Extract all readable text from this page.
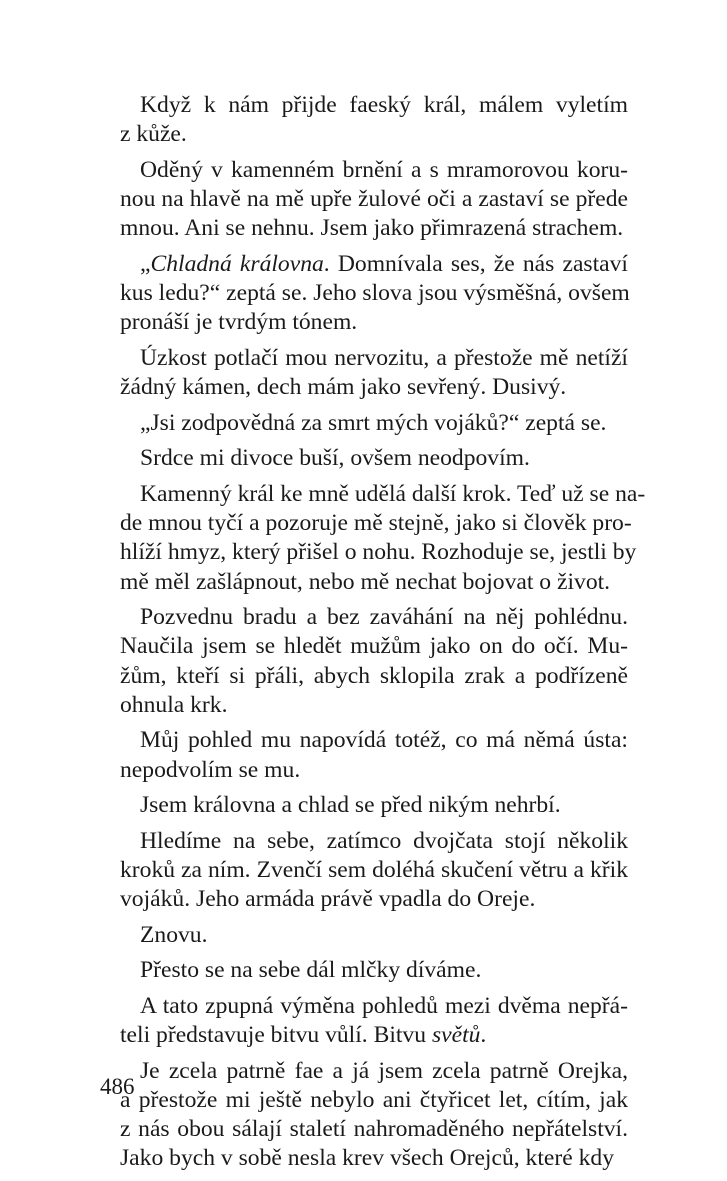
Když k nám přijde faeský král, málem vyletím
z kůže.
Oděný v kamenném brnění a s mramorovou koru-
nou na hlavě na mě upře žulové oči a zastaví se přede
mnou. Ani se nehnu. Jsem jako přimrazená strachem.
„Chladná královna. Domnívala ses, že nás zastaví
kus ledu?“ zeptá se. Jeho slova jsou výsměšná, ovšem
pronáší je tvrdým tónem.
Úzkost potlačí mou nervozitu, a přestože mě netíží
žádný kámen, dech mám jako sevřený. Dusivý.
„Jsi zodpovědná za smrt mých vojáků?“ zeptá se.
Srdce mi divoce buší, ovšem neodpovím.
Kamenný král ke mně udělá další krok. Teď už se na-
de mnou tyčí a pozoruje mě stejně, jako si člověk pro-
hlíží hmyz, který přišel o nohu. Rozhoduje se, jestli by
mě měl zašlápnout, nebo mě nechat bojovat o život.
Pozvednu bradu a bez zaváhání na něj pohlédnu.
Naučila jsem se hledět mužům jako on do očí. Mu-
žům, kteří si přáli, abych sklopila zrak a podřízeně
ohnula krk.
Můj pohled mu napovídá totéž, co má němá ústa:
nepodvolím se mu.
Jsem královna a chlad se před nikým nehrbí.
Hledíme na sebe, zatímco dvojčata stojí několik
kroků za ním. Zvenčí sem doléhá skučení větru a křik
vojáků. Jeho armáda právě vpadla do Oreje.
Znovu.
Přesto se na sebe dál mlčky díváme.
A tato zpupná výměna pohledů mezi dvěma nepřá-
teli představuje bitvu vůlí. Bitvu světů.
Je zcela patrně fae a já jsem zcela patrně Orejka,
a přestože mi ještě nebylo ani čtyřicet let, cítím, jak
z nás obou sálají staletí nahromaděného nepřátelství.
Jako bych v sobě nesla krev všech Orejců, které kdy
486
